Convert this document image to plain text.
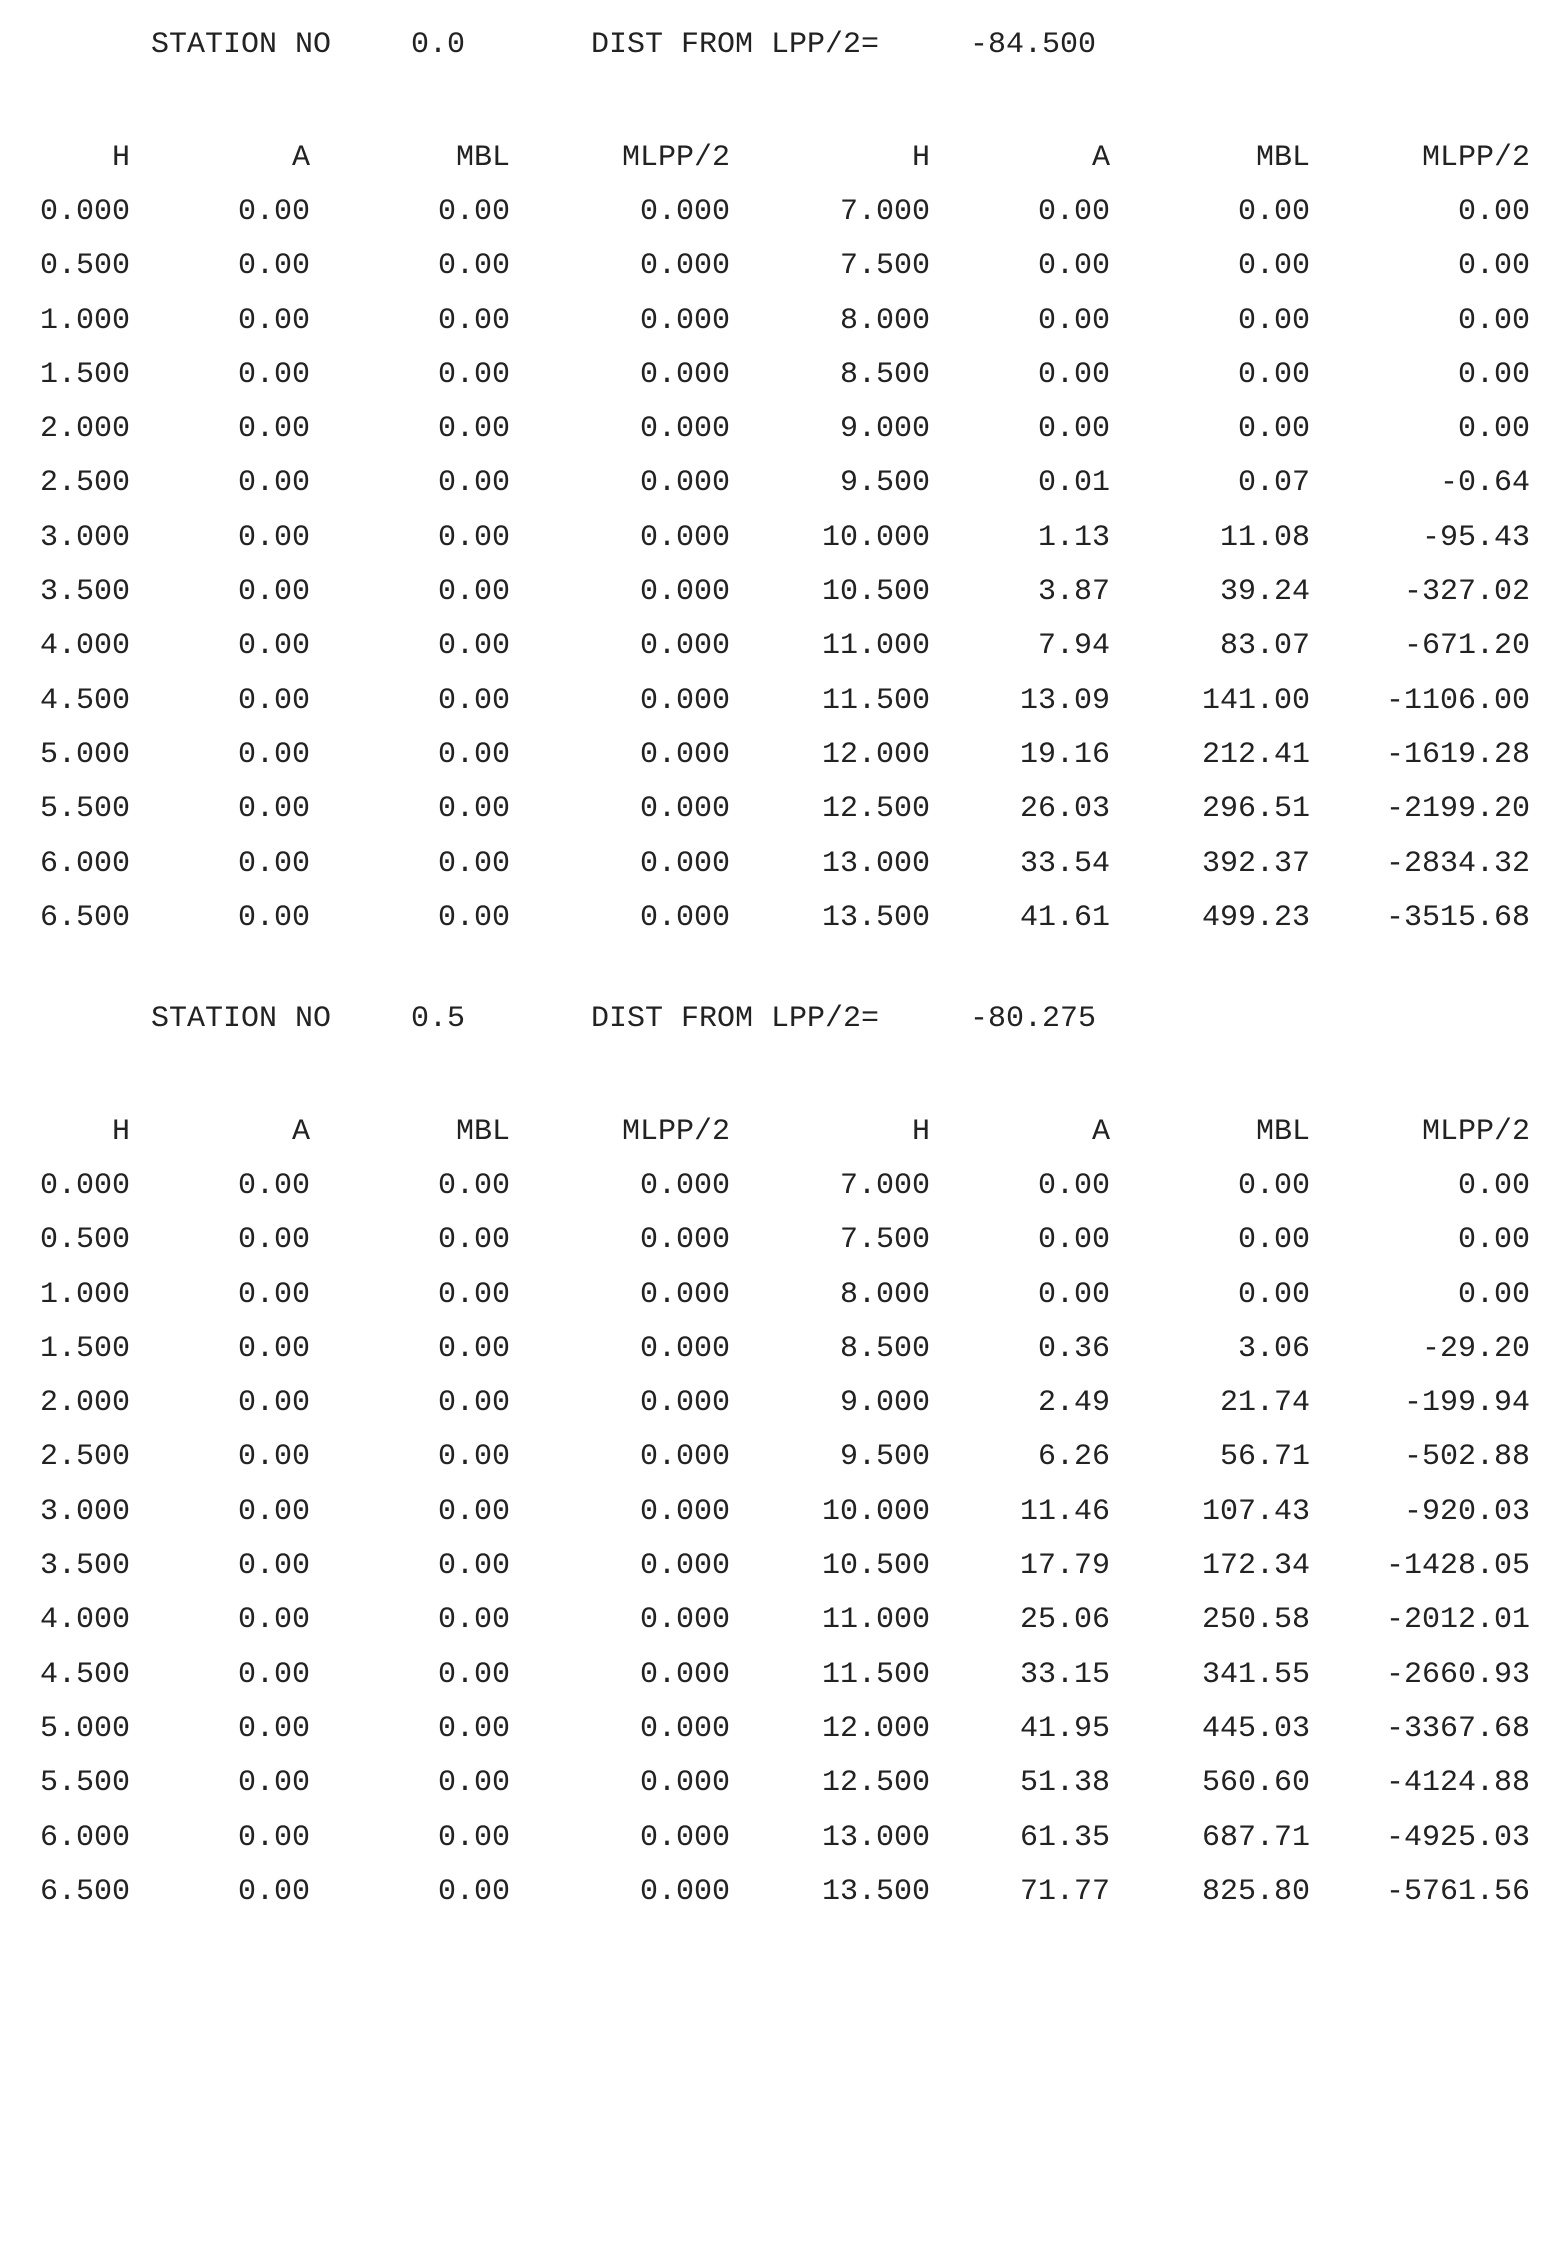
STATION NO	0.0	DIST FROM LPP/2=	-84.500
H	A	MBL	MLPP/2	H	A	MBL	MLPP/2
0.000	0.00	0.00	0.000	7.000	0.00	0.00	0.00
0.500	0.00	0.00	0.000	7.500	0.00	0.00	0.00
1.000	0.00	0.00	0.000	8.000	0.00	0.00	0.00
1.500	0.00	0.00	0.000	8.500	0.00	0.00	0.00
2.000	0.00	0.00	0.000	9.000	0.00	0.00	0.00
2.500	0.00	0.00	0.000	9.500	0.01	0.07	-0.64
3.000	0.00	0.00	0.000	10.000	1.13	11.08	-95.43
3.500	0.00	0.00	0.000	10.500	3.87	39.24	-327.02
4.000	0.00	0.00	0.000	11.000	7.94	83.07	-671.20
4.500	0.00	0.00	0.000	11.500	13.09	141.00	-1106.00
5.000	0.00	0.00	0.000	12.000	19.16	212.41	-1619.28
5.500	0.00	0.00	0.000	12.500	26.03	296.51	-2199.20
6.000	0.00	0.00	0.000	13.000	33.54	392.37	-2834.32
6.500	0.00	0.00	0.000	13.500	41.61	499.23	-3515.68
STATION NO	0.5	DIST FROM LPP/2=	-80.275
H	A	MBL	MLPP/2	H	A	MBL	MLPP/2
0.000	0.00	0.00	0.000	7.000	0.00	0.00	0.00
0.500	0.00	0.00	0.000	7.500	0.00	0.00	0.00
1.000	0.00	0.00	0.000	8.000	0.00	0.00	0.00
1.500	0.00	0.00	0.000	8.500	0.36	3.06	-29.20
2.000	0.00	0.00	0.000	9.000	2.49	21.74	-199.94
2.500	0.00	0.00	0.000	9.500	6.26	56.71	-502.88
3.000	0.00	0.00	0.000	10.000	11.46	107.43	-920.03
3.500	0.00	0.00	0.000	10.500	17.79	172.34	-1428.05
4.000	0.00	0.00	0.000	11.000	25.06	250.58	-2012.01
4.500	0.00	0.00	0.000	11.500	33.15	341.55	-2660.93
5.000	0.00	0.00	0.000	12.000	41.95	445.03	-3367.68
5.500	0.00	0.00	0.000	12.500	51.38	560.60	-4124.88
6.000	0.00	0.00	0.000	13.000	61.35	687.71	-4925.03
6.500	0.00	0.00	0.000	13.500	71.77	825.80	-5761.56
